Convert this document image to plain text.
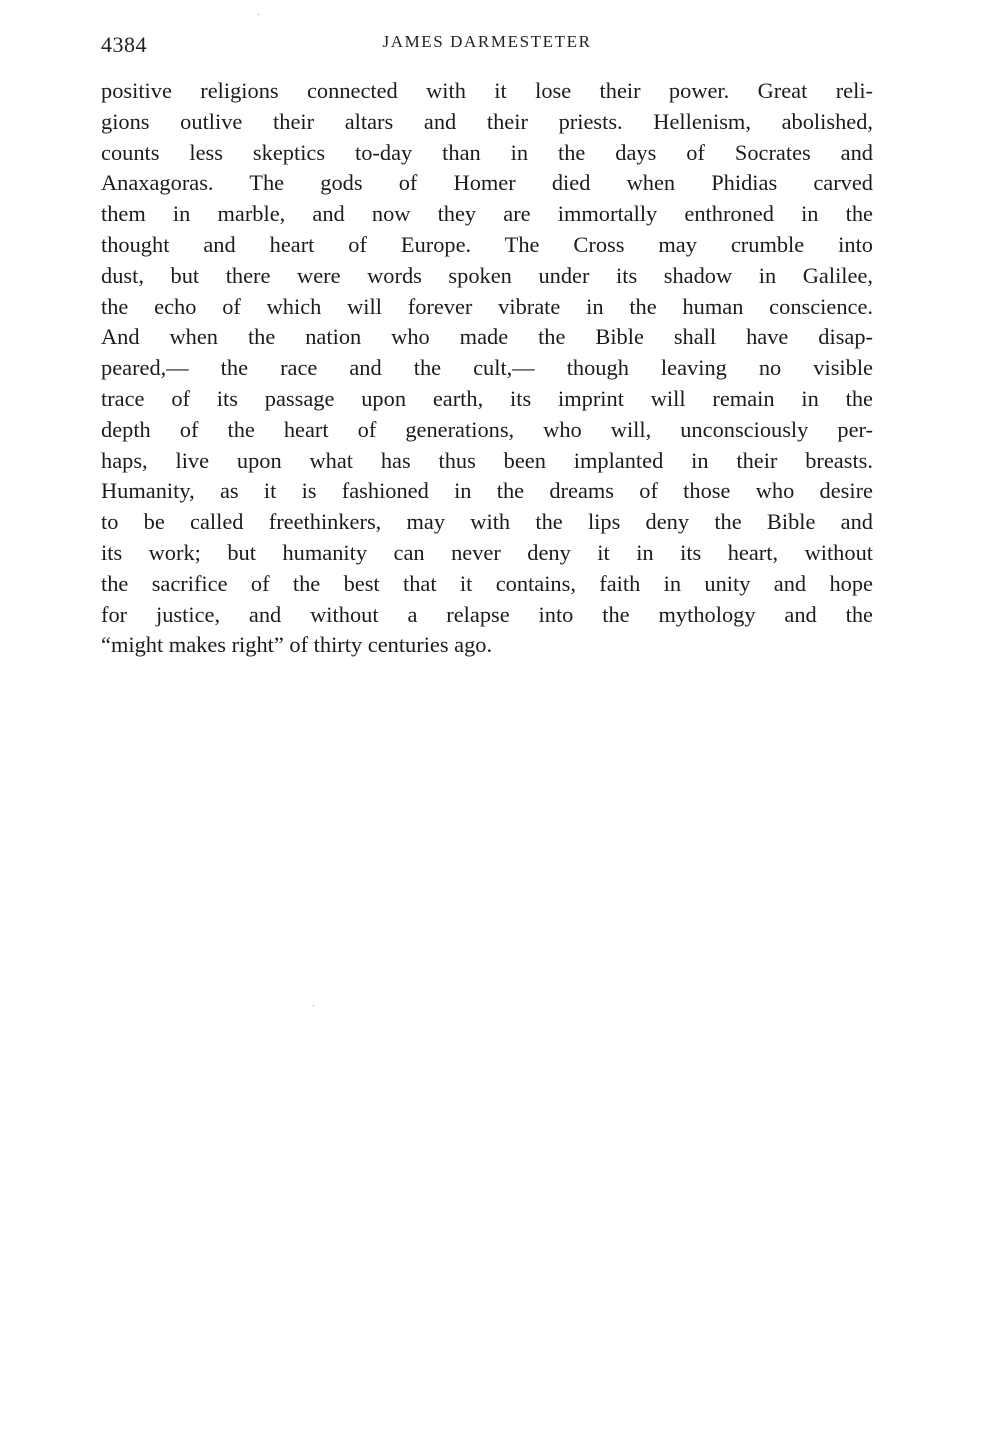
4384	JAMES DARMESTETER
positive religions connected with it lose their power. Great reli-
gions outlive their altars and their priests. Hellenism, abolished,
counts less skeptics to-day than in the days of Socrates and
Anaxagoras. The gods of Homer died when Phidias carved
them in marble, and now they are immortally enthroned in the
thought and heart of Europe. The Cross may crumble into
dust, but there were words spoken under its shadow in Galilee,
the echo of which will forever vibrate in the human conscience.
And when the nation who made the Bible shall have disap-
peared,— the race and the cult,— though leaving no visible
trace of its passage upon earth, its imprint will remain in the
depth of the heart of generations, who will, unconsciously per-
haps, live upon what has thus been implanted in their breasts.
Humanity, as it is fashioned in the dreams of those who desire
to be called freethinkers, may with the lips deny the Bible and
its work; but humanity can never deny it in its heart, without
the sacrifice of the best that it contains, faith in unity and hope
for justice, and without a relapse into the mythology and the
“might makes right” of thirty centuries ago.
